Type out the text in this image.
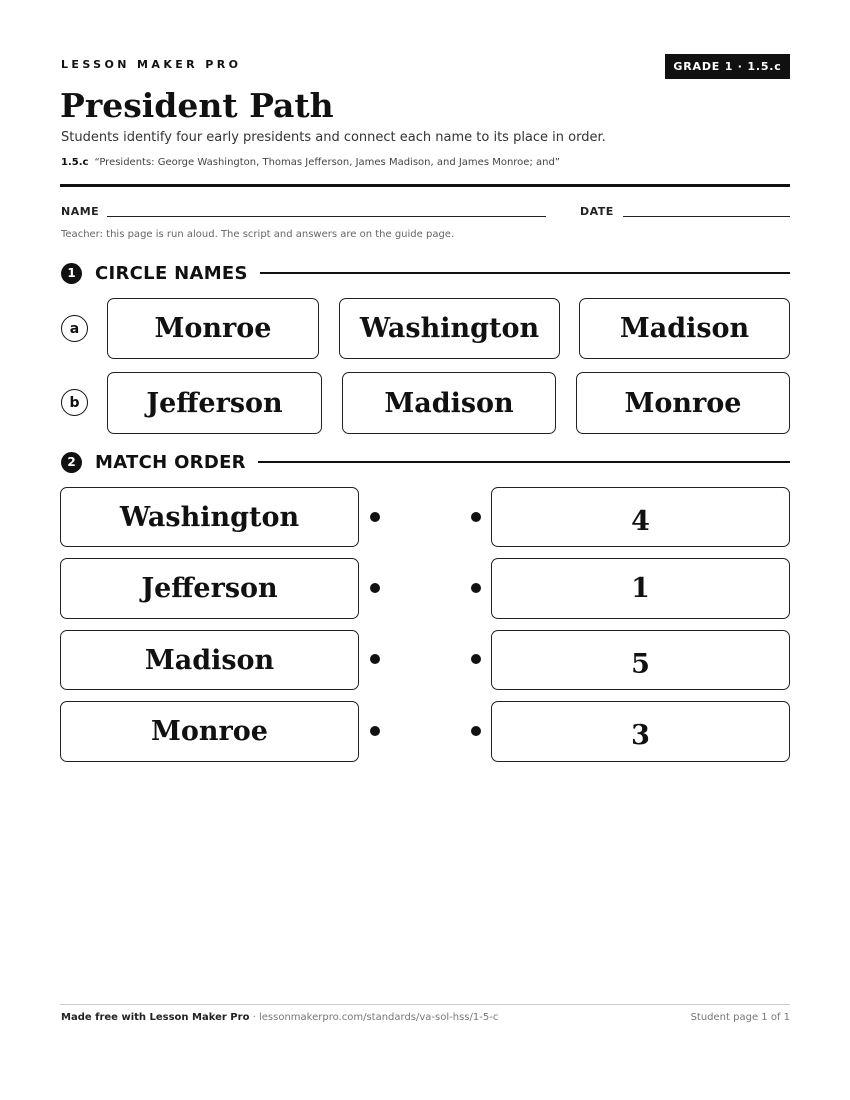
LESSON MAKER PRO	GRADE 1 · 1.5.c
President Path

Students identify four early presidents and connect each name to its place in order.

1.5.c “Presidents: George Washington, Thomas Jefferson, James Madison, and James Monroe; and”

NAME	DATE

Teacher: this page is run aloud. The script and answers are on the guide page.

1	CIRCLE NAMES
a	Monroe	Washington	Madison
b	Jefferson	Madison	Monroe
2	MATCH ORDER
Washington	4
Jefferson	1
Madison	5
Monroe	3

Made free with Lesson Maker Pro · lessonmakerpro.com/standards/va-sol-hss/1-5-c	Student page 1 of 1
